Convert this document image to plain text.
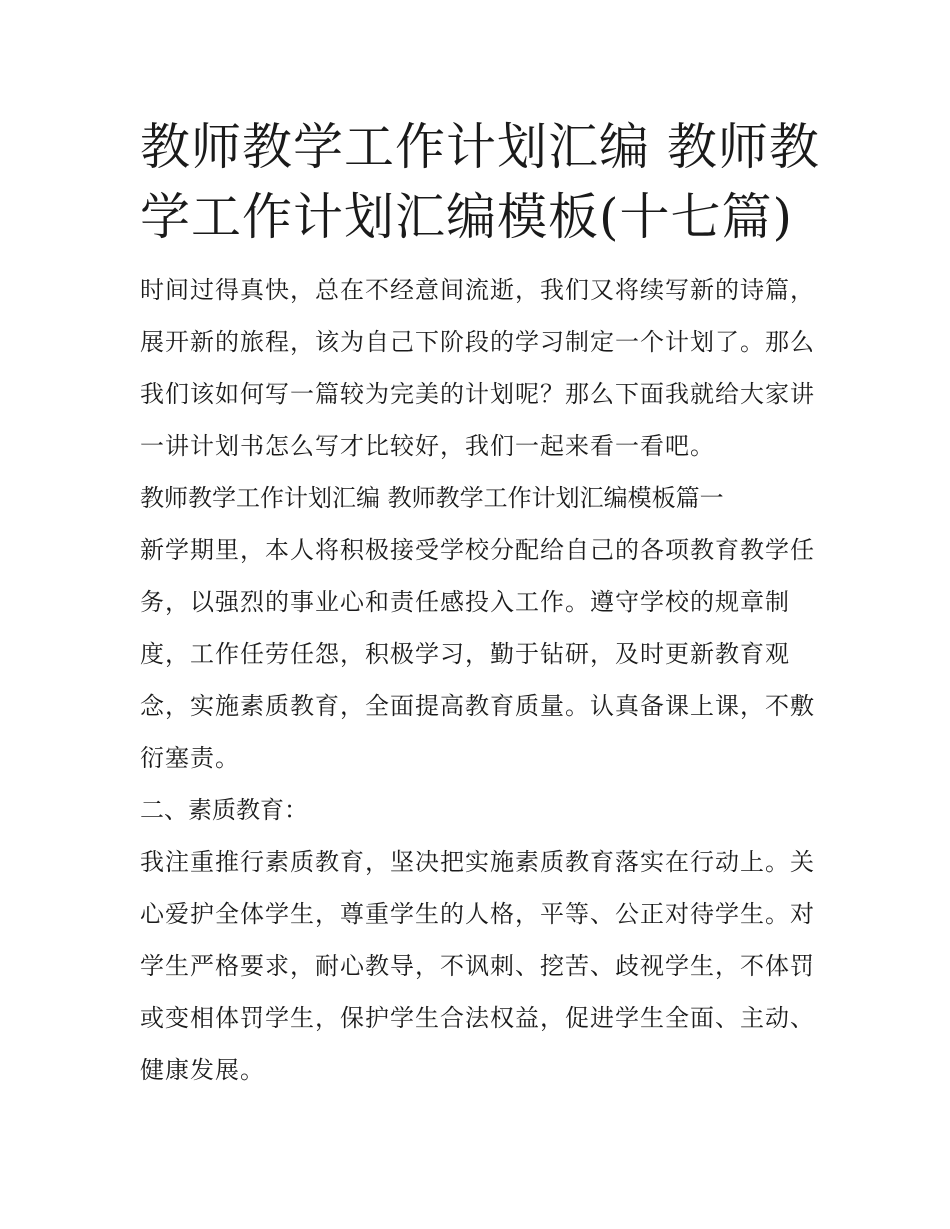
教师教学工作计划汇编 教师教学工作计划汇编模板(十七篇)

时间过得真快，总在不经意间流逝，我们又将续写新的诗篇，展开新的旅程，该为自己下阶段的学习制定一个计划了。那么我们该如何写一篇较为完美的计划呢？那么下面我就给大家讲一讲计划书怎么写才比较好，我们一起来看一看吧。

教师教学工作计划汇编 教师教学工作计划汇编模板篇一

新学期里，本人将积极接受学校分配给自己的各项教育教学任务，以强烈的事业心和责任感投入工作。遵守学校的规章制度，工作任劳任怨，积极学习，勤于钻研，及时更新教育观念，实施素质教育，全面提高教育质量。认真备课上课，不敷衍塞责。

二、素质教育：

我注重推行素质教育，坚决把实施素质教育落实在行动上。关心爱护全体学生，尊重学生的人格，平等、公正对待学生。对学生严格要求，耐心教导，不讽刺、挖苦、歧视学生，不体罚或变相体罚学生，保护学生合法权益，促进学生全面、主动、健康发展。
